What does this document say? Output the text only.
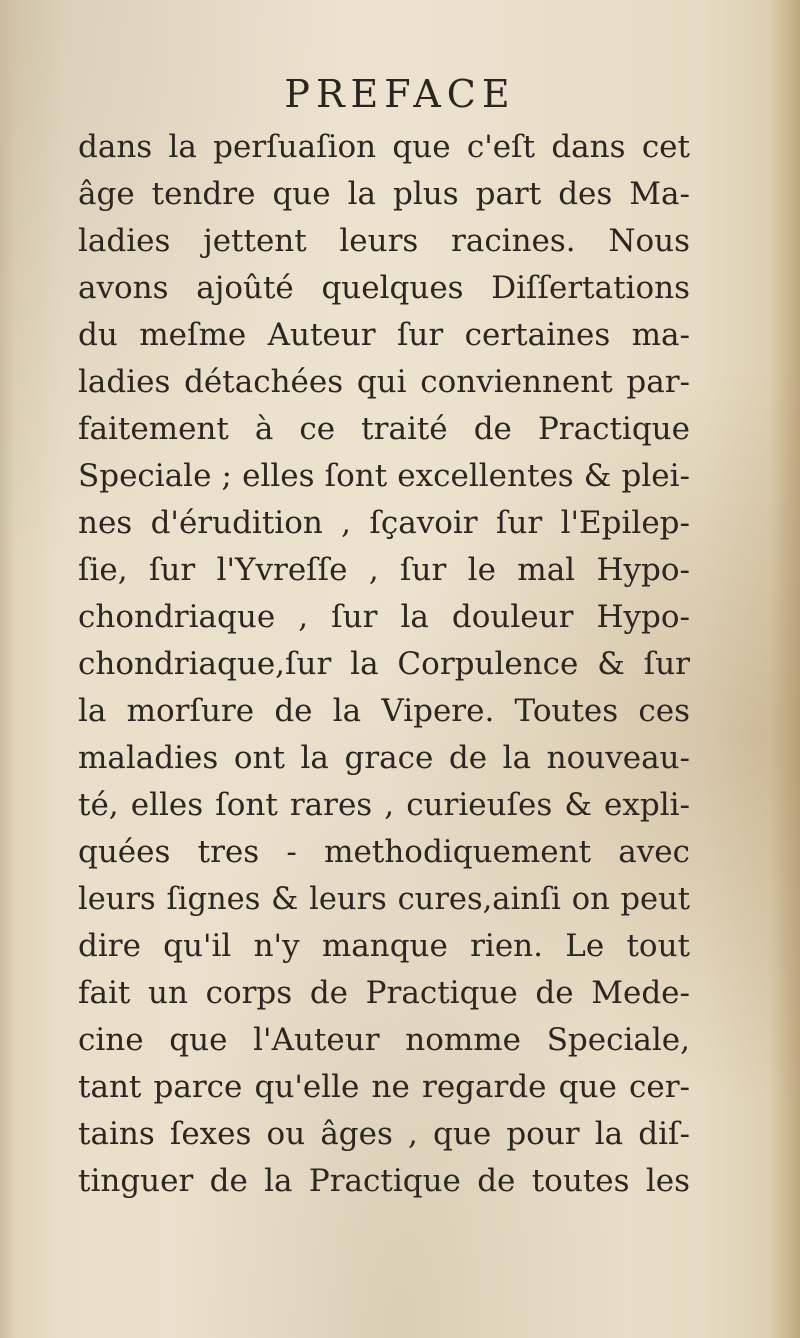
PREFACE
dans la perſuaſion que c'eſt dans cet
âge tendre que la plus part des Ma-
ladies jettent leurs racines. Nous
avons ajoûté quelques Diſſertations
du meſme Auteur ſur certaines ma-
ladies détachées qui conviennent par-
faitement à ce traité de Practique
Speciale ; elles ſont excellentes & plei-
nes d'érudition , ſçavoir ſur l'Epilep-
ſie, ſur l'Yvreſſe , ſur le mal Hypo-
chondriaque , ſur la douleur Hypo-
chondriaque,ſur la Corpulence & ſur
la morſure de la Vipere. Toutes ces
maladies ont la grace de la nouveau-
té, elles ſont rares , curieuſes & expli-
quées tres - methodiquement avec
leurs ſignes & leurs cures,ainſi on peut
dire qu'il n'y manque rien. Le tout
fait un corps de Practique de Mede-
cine que l'Auteur nomme Speciale,
tant parce qu'elle ne regarde que cer-
tains ſexes ou âges , que pour la diſ-
tinguer de la Practique de toutes les
